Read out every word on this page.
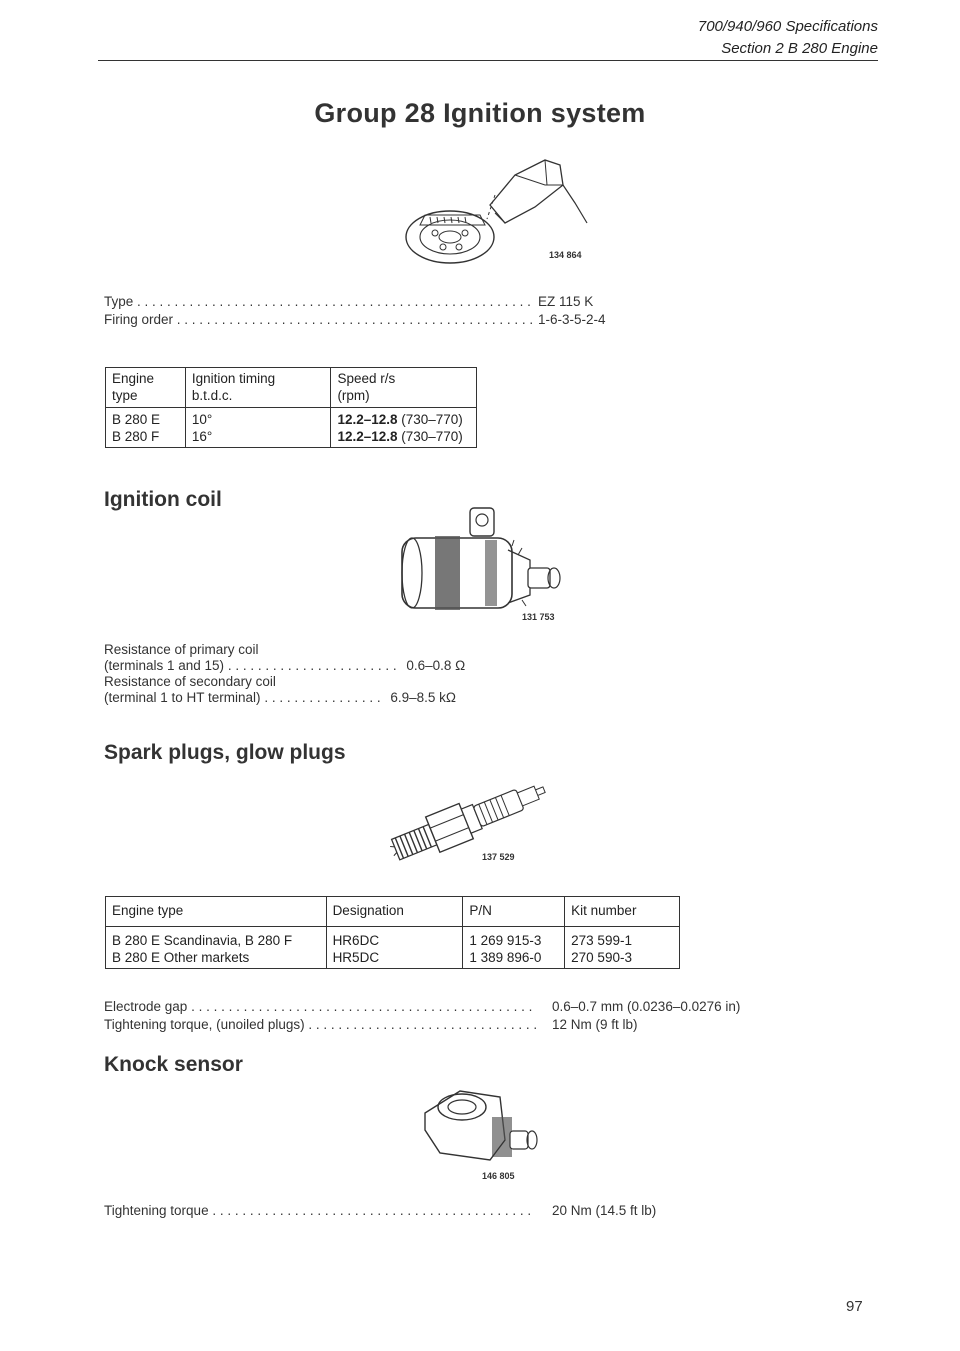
700/940/960 Specifications
Section 2 B 280 Engine
Group 28 Ignition system
134 864
Type . . .	EZ 115 K
Firing order . . .	1-6-3-5-2-4
Engine	Ignition timing	Speed r/s
type	b.t.d.c.	(rpm)
B 280 E	10°	12.2–12.8 (730–770)
B 280 F	16°	12.2–12.8 (730–770)
Ignition coil
131 753
Resistance of primary coil
(terminals 1 and 15) . . . . . . . . . . . . . . . . . . . . . . . 0.6–0.8 Ω
Resistance of secondary coil
(terminal 1 to HT terminal) . . . . . . . . . . . . . . . . 6.9–8.5 kΩ
Spark plugs, glow plugs
137 529
Engine type	Designation	P/N	Kit number
B 280 E Scandinavia, B 280 F	HR6DC	1 269 915-3	273 599-1
B 280 E Other markets	HR5DC	1 389 896-0	270 590-3
Electrode gap . . .	0.6–0.7 mm (0.0236–0.0276 in)
Tightening torque, (unoiled plugs) . . .	12 Nm (9 ft lb)
Knock sensor
146 805
Tightening torque . . .	20 Nm (14.5 ft lb)
97
